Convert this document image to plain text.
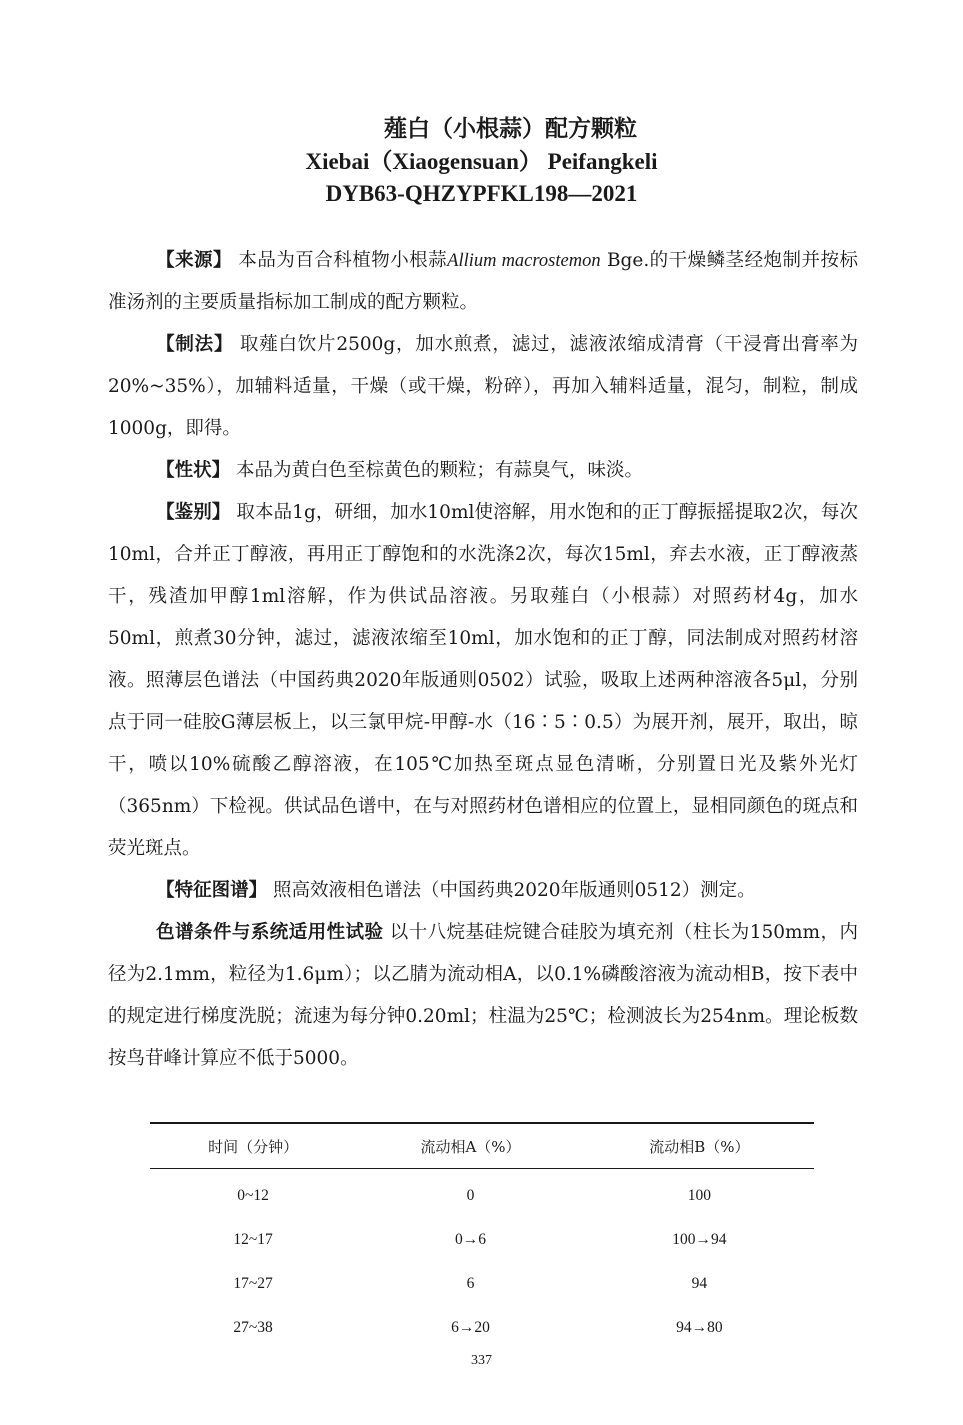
薤白（小根蒜）配方颗粒
Xiebai（Xiaogensuan） Peifangkeli
DYB63-QHZYPFKL198—2021

【来源】 本品为百合科植物小根蒜Allium macrostemon Bge.的干燥鳞茎经炮制并按标准汤剂的主要质量指标加工制成的配方颗粒。

【制法】 取薤白饮片2500g，加水煎煮，滤过，滤液浓缩成清膏（干浸膏出膏率为20%~35%），加辅料适量，干燥（或干燥，粉碎），再加入辅料适量，混匀，制粒，制成1000g，即得。

【性状】 本品为黄白色至棕黄色的颗粒；有蒜臭气，味淡。

【鉴别】 取本品1g，研细，加水10ml使溶解，用水饱和的正丁醇振摇提取2次，每次10ml，合并正丁醇液，再用正丁醇饱和的水洗涤2次，每次15ml，弃去水液，正丁醇液蒸干，残渣加甲醇1ml溶解，作为供试品溶液。另取薤白（小根蒜）对照药材4g，加水50ml，煎煮30分钟，滤过，滤液浓缩至10ml，加水饱和的正丁醇，同法制成对照药材溶液。照薄层色谱法（中国药典2020年版通则0502）试验，吸取上述两种溶液各5μl，分别点于同一硅胶G薄层板上，以三氯甲烷-甲醇-水（16∶5∶0.5）为展开剂，展开，取出，晾干，喷以10%硫酸乙醇溶液，在105℃加热至斑点显色清晰，分别置日光及紫外光灯（365nm）下检视。供试品色谱中，在与对照药材色谱相应的位置上，显相同颜色的斑点和荧光斑点。

【特征图谱】 照高效液相色谱法（中国药典2020年版通则0512）测定。

色谱条件与系统适用性试验 以十八烷基硅烷键合硅胶为填充剂（柱长为150mm，内径为2.1mm，粒径为1.6μm）；以乙腈为流动相A，以0.1%磷酸溶液为流动相B，按下表中的规定进行梯度洗脱；流速为每分钟0.20ml；柱温为25℃；检测波长为254nm。理论板数按鸟苷峰计算应不低于5000。

时间（分钟）	流动相A（%）	流动相B（%）
0~12	0	100
12~17	0→6	100→94
17~27	6	94
27~38	6→20	94→80
337
